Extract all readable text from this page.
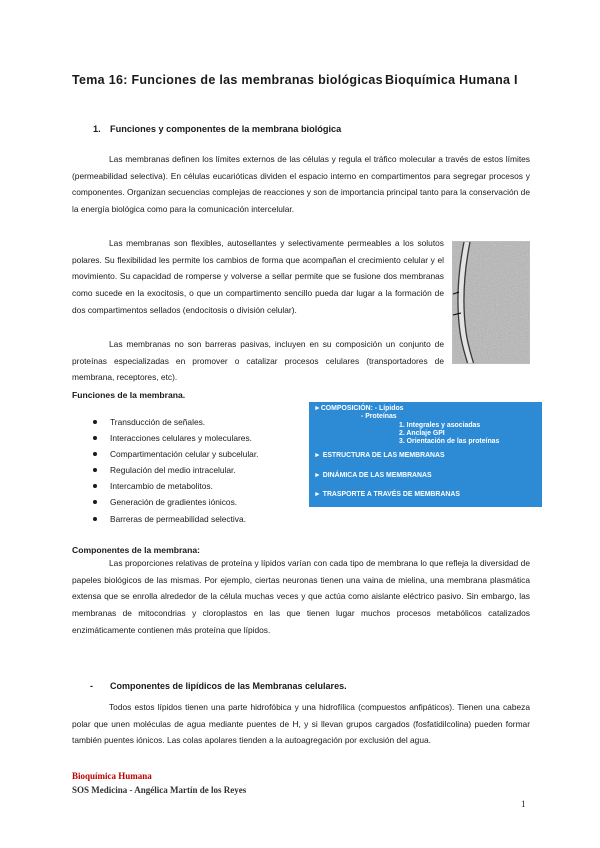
Tema 16: Funciones de las membranas biológicas Bioquímica Humana I
1. Funciones y componentes de la membrana biológica

Las membranas definen los límites externos de las células y regula el tráfico molecular a través de estos límites (permeabilidad selectiva). En células eucarióticas dividen el espacio interno en compartimentos para segregar procesos y componentes. Organizan secuencias complejas de reacciones y son de importancia principal tanto para la conservación de la energía biológica como para la comunicación intercelular.

Las membranas son flexibles, autosellantes y selectivamente permeables a los solutos polares. Su flexibilidad les permite los cambios de forma que acompañan el crecimiento celular y el movimiento. Su capacidad de romperse y volverse a sellar permite que se fusione dos membranas como sucede en la exocitosis, o que un compartimento sencillo pueda dar lugar a la formación de dos compartimentos sellados (endocitosis o división celular).

Las membranas no son barreras pasivas, incluyen en su composición un conjunto de proteínas especializadas en promover o catalizar procesos celulares (transportadores de membrana, receptores, etc).

Funciones de la membrana.
Transducción de señales.
Interacciones celulares y moleculares.
Compartimentación celular y subcelular.
Regulación del medio intracelular.
Intercambio de metabolitos.
Generación de gradientes iónicos.
Barreras de permeabilidad selectiva.
►COMPOSICIÓN: - Lípidos
- Proteínas
1. Integrales y asociadas
2. Anclaje GPI
3. Orientación de las proteínas
► ESTRUCTURA DE LAS MEMBRANAS
► DINÁMICA DE LAS MEMBRANAS
► TRASPORTE A TRAVÉS DE MEMBRANAS
Componentes de la membrana:

Las proporciones relativas de proteína y lípidos varían con cada tipo de membrana lo que refleja la diversidad de papeles biológicos de las mismas. Por ejemplo, ciertas neuronas tienen una vaina de mielina, una membrana plasmática extensa que se enrolla alrededor de la célula muchas veces y que actúa como aislante eléctrico pasivo. Sin embargo, las membranas de mitocondrias y cloroplastos en las que tienen lugar muchos procesos metabólicos catalizados enzimáticamente contienen más proteína que lípidos.

- Componentes de lipídicos de las Membranas celulares.

Todos estos lípidos tienen una parte hidrofóbica y una hidrofílica (compuestos anfipáticos). Tienen una cabeza polar que unen moléculas de agua mediante puentes de H, y si llevan grupos cargados (fosfatidilcolina) pueden formar también puentes iónicos. Las colas apolares tienden a la autoagregación por exclusión del agua.

Bioquímica Humana
SOS Medicina - Angélica Martín de los Reyes
1
